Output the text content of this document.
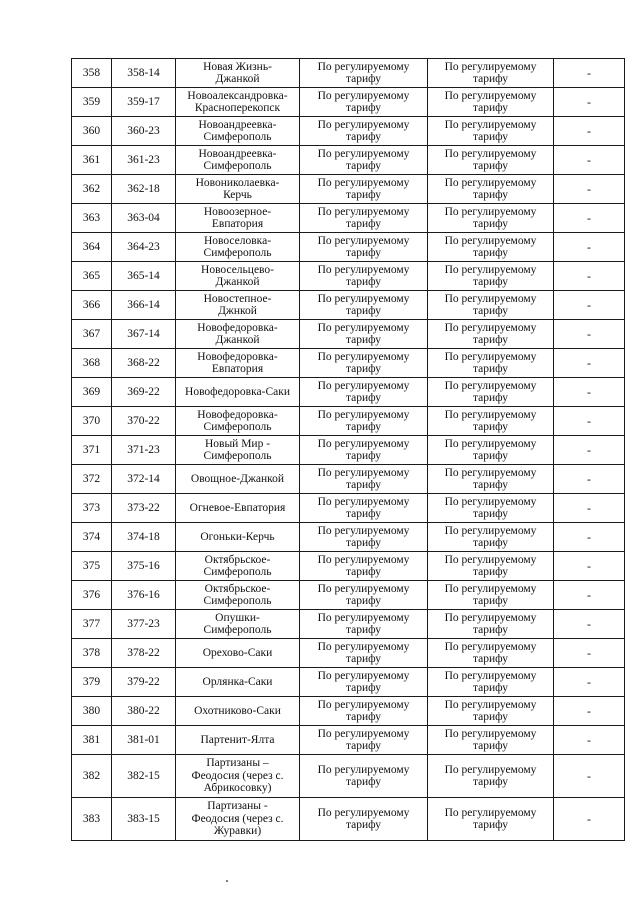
358	358-14	Новая Жизнь-
Джанкой	По регулируемому
тарифу	По регулируемому
тарифу	-
359	359-17	Новоалександровка-
Красноперекопск	По регулируемому
тарифу	По регулируемому
тарифу	-
360	360-23	Новоандреевка-
Симферополь	По регулируемому
тарифу	По регулируемому
тарифу	-
361	361-23	Новоандреевка-
Симферополь	По регулируемому
тарифу	По регулируемому
тарифу	-
362	362-18	Новониколаевка-
Керчь	По регулируемому
тарифу	По регулируемому
тарифу	-
363	363-04	Новоозерное-
Евпатория	По регулируемому
тарифу	По регулируемому
тарифу	-
364	364-23	Новоселовка-
Симферополь	По регулируемому
тарифу	По регулируемому
тарифу	-
365	365-14	Новосельцево-
Джанкой	По регулируемому
тарифу	По регулируемому
тарифу	-
366	366-14	Новостепное-
Джнкой	По регулируемому
тарифу	По регулируемому
тарифу	-
367	367-14	Новофедоровка-
Джанкой	По регулируемому
тарифу	По регулируемому
тарифу	-
368	368-22	Новофедоровка-
Евпатория	По регулируемому
тарифу	По регулируемому
тарифу	-
369	369-22	Новофедоровка-Саки	По регулируемому
тарифу	По регулируемому
тарифу	-
370	370-22	Новофедоровка-
Симферополь	По регулируемому
тарифу	По регулируемому
тарифу	-
371	371-23	Новый Мир -
Симферополь	По регулируемому
тарифу	По регулируемому
тарифу	-
372	372-14	Овощное-Джанкой	По регулируемому
тарифу	По регулируемому
тарифу	-
373	373-22	Огневое-Евпатория	По регулируемому
тарифу	По регулируемому
тарифу	-
374	374-18	Огоньки-Керчь	По регулируемому
тарифу	По регулируемому
тарифу	-
375	375-16	Октябрьское-
Симферополь	По регулируемому
тарифу	По регулируемому
тарифу	-
376	376-16	Октябрьское-
Симферополь	По регулируемому
тарифу	По регулируемому
тарифу	-
377	377-23	Опушки-
Симферополь	По регулируемому
тарифу	По регулируемому
тарифу	-
378	378-22	Орехово-Саки	По регулируемому
тарифу	По регулируемому
тарифу	-
379	379-22	Орлянка-Саки	По регулируемому
тарифу	По регулируемому
тарифу	-
380	380-22	Охотниково-Саки	По регулируемому
тарифу	По регулируемому
тарифу	-
381	381-01	Партенит-Ялта	По регулируемому
тарифу	По регулируемому
тарифу	-
382	382-15	Партизаны –
Феодосия (через с.
Абрикосовку)	По регулируемому
тарифу	По регулируемому
тарифу	-
383	383-15	Партизаны -
Феодосия (через с.
Журавки)	По регулируемому
тарифу	По регулируемому
тарифу	-
